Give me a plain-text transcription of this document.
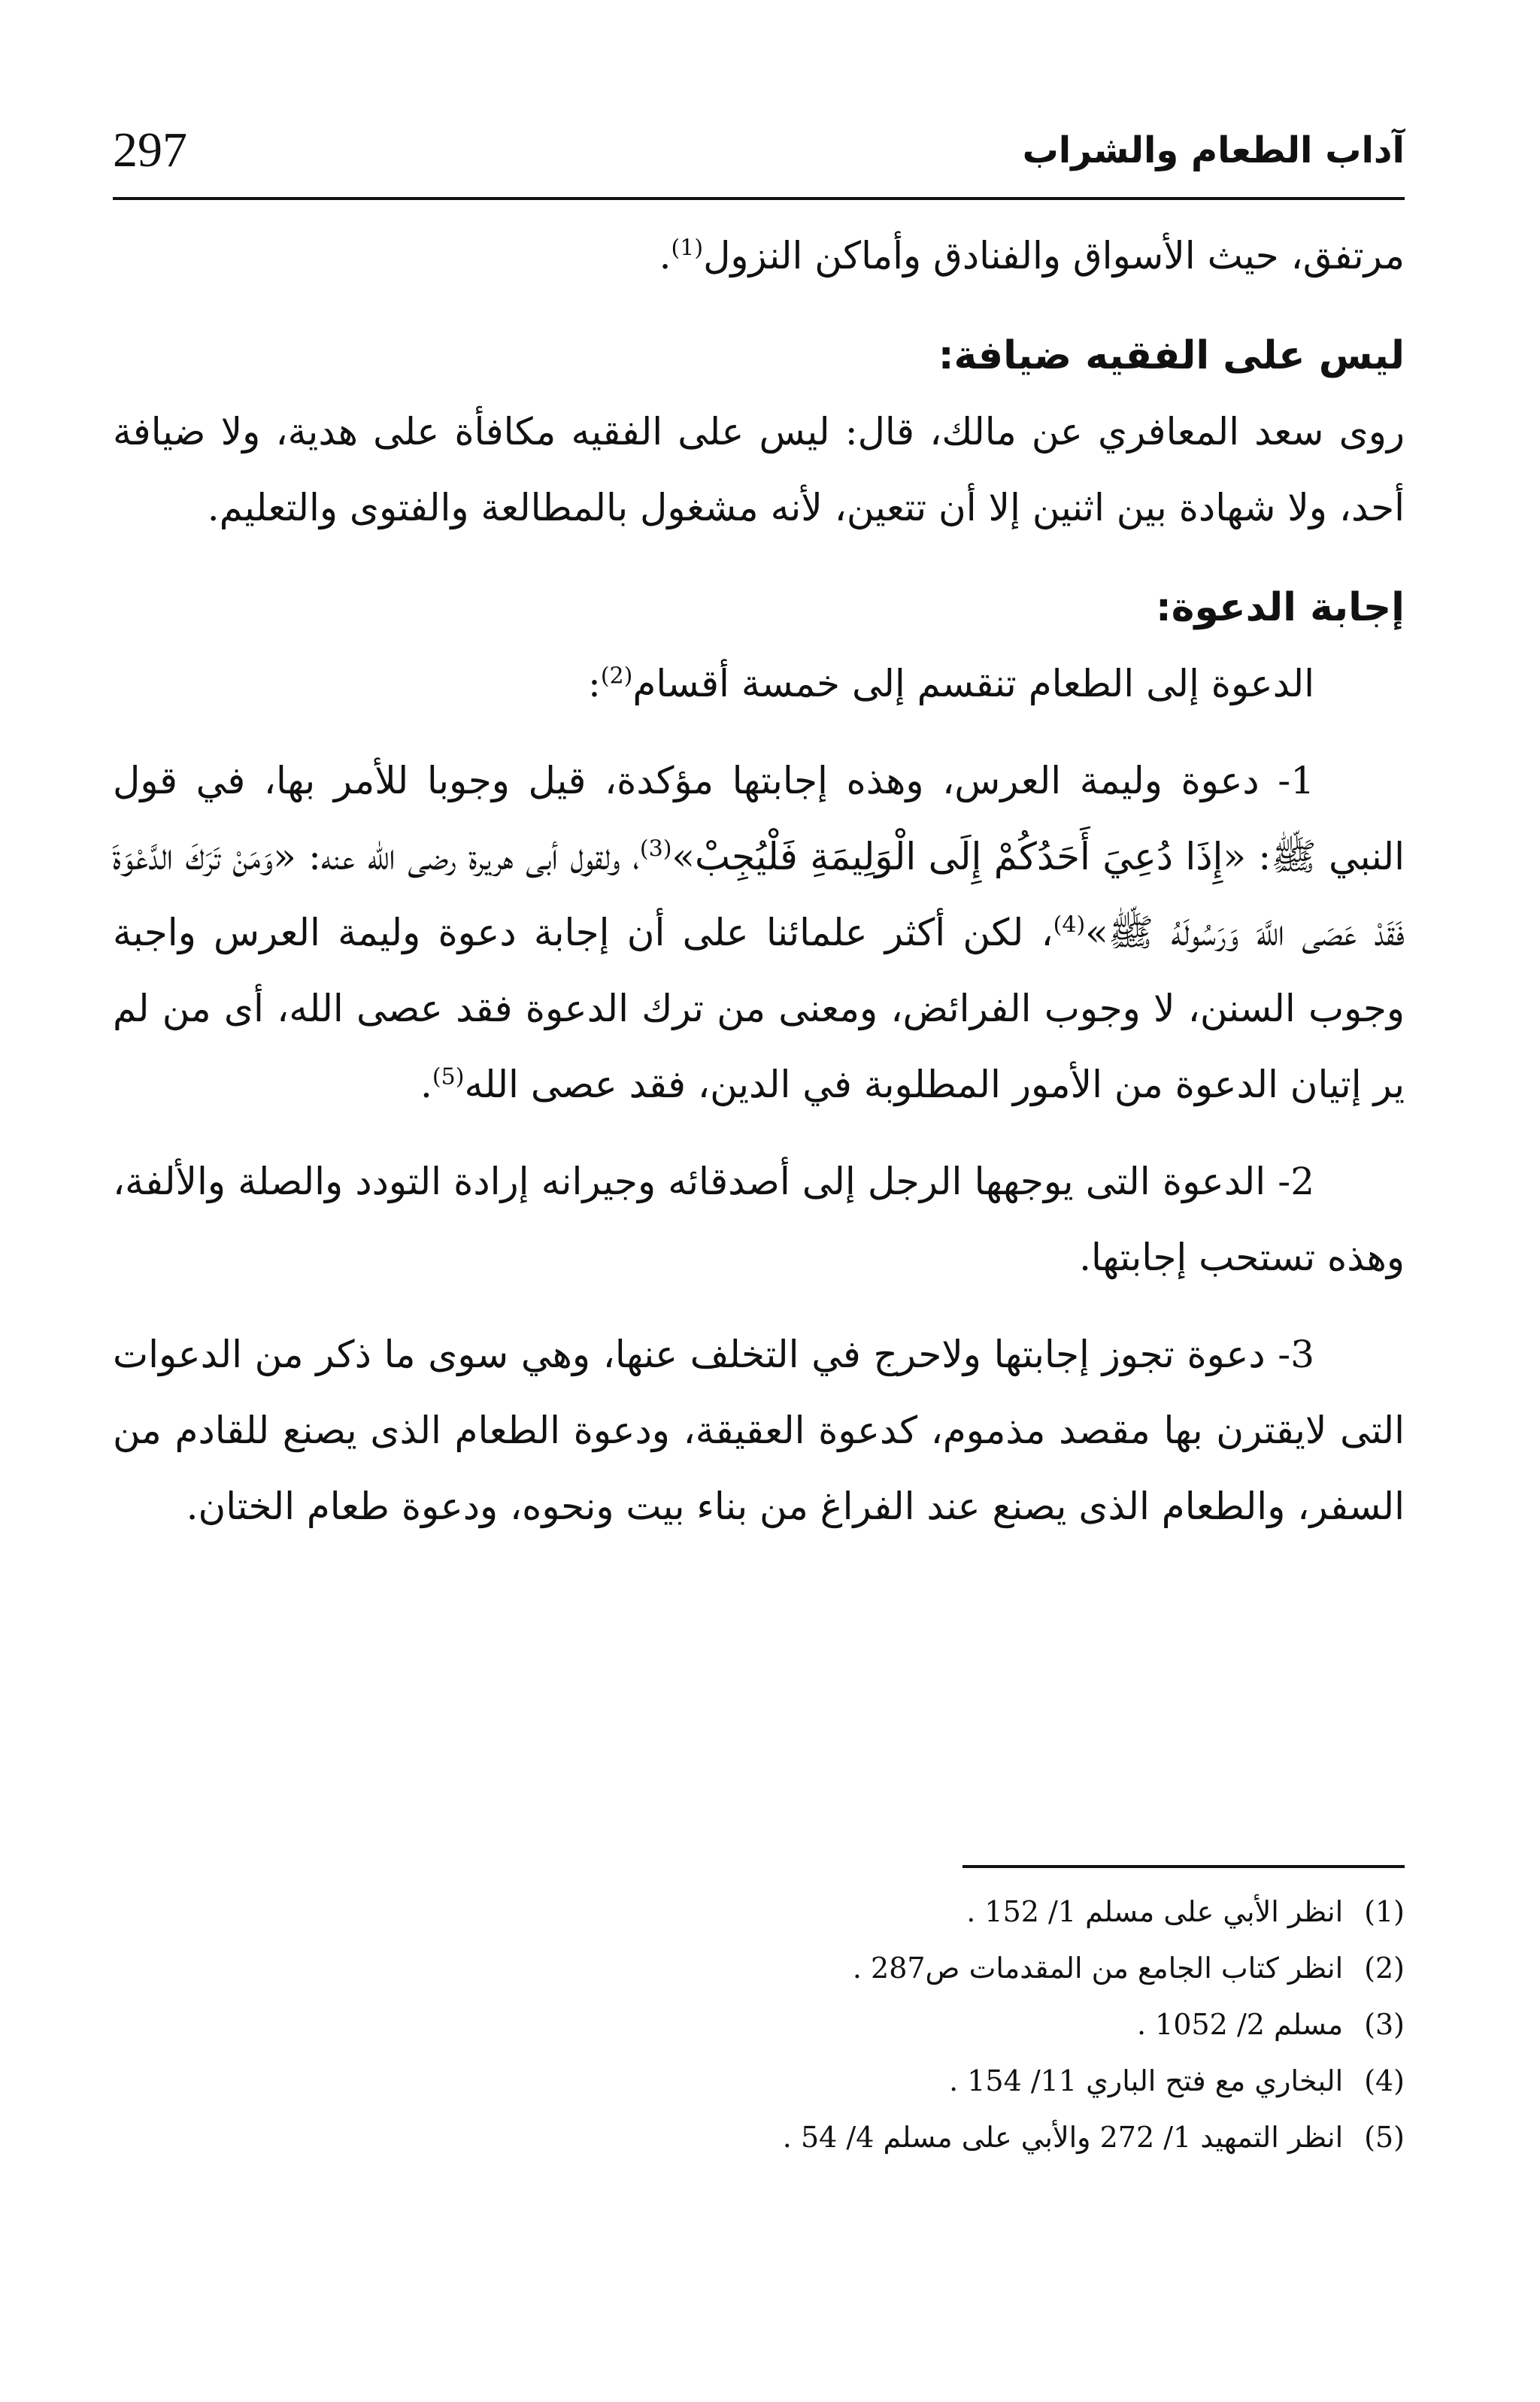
297	آداب الطعام والشراب

مرتفق، حيث الأسواق والفنادق وأماكن النزول$^{(1)}$.

ليس على الفقيه ضيافة:

روى سعد المعافري عن مالك، قال: ليس على الفقيه مكافأة على هدية، ولا ضيافة أحد، ولا شهادة بين اثنين إلا أن تتعين، لأنه مشغول بالمطالعة والفتوى والتعليم.

إجابة الدعوة:

الدعوة إلى الطعام تنقسم إلى خمسة أقسام$^{(2)}$:

1- دعوة وليمة العرس، وهذه إجابتها مؤكدة، قيل وجوبا للأمر بها، في قول النبي ﷺ: «إِذَا دُعِيَ أَحَدُكُمْ إِلَى الْوَلِيمَةِ فَلْيُجِبْ»$^{(3)}$، ولقول أبى هريرة رضى الله عنه: «وَمَنْ تَرَكَ الدَّعْوَةَ فَقَدْ عَصَى اللَّهَ وَرَسُولَهُ ﷺ»$^{(4)}$، لكن أكثر علمائنا على أن إجابة دعوة وليمة العرس واجبة وجوب السنن، لا وجوب الفرائض، ومعنى من ترك الدعوة فقد عصى الله، أى من لم ير إتيان الدعوة من الأمور المطلوبة في الدين، فقد عصى الله$^{(5)}$.

2- الدعوة التى يوجهها الرجل إلى أصدقائه وجيرانه إرادة التودد والصلة والألفة، وهذه تستحب إجابتها.

3- دعوة تجوز إجابتها ولاحرج في التخلف عنها، وهي سوى ما ذكر من الدعوات التى لايقترن بها مقصد مذموم، كدعوة العقيقة، ودعوة الطعام الذى يصنع للقادم من السفر، والطعام الذى يصنع عند الفراغ من بناء بيت ونحوه، ودعوة طعام الختان.

(1)انظر الأبي على مسلم 1/ 152 .
(2)انظر كتاب الجامع من المقدمات ص287 .
(3)مسلم 2/ 1052 .
(4)البخاري مع فتح الباري 11/ 154 .
(5)انظر التمهيد 1/ 272 والأبي على مسلم 4/ 54 .
